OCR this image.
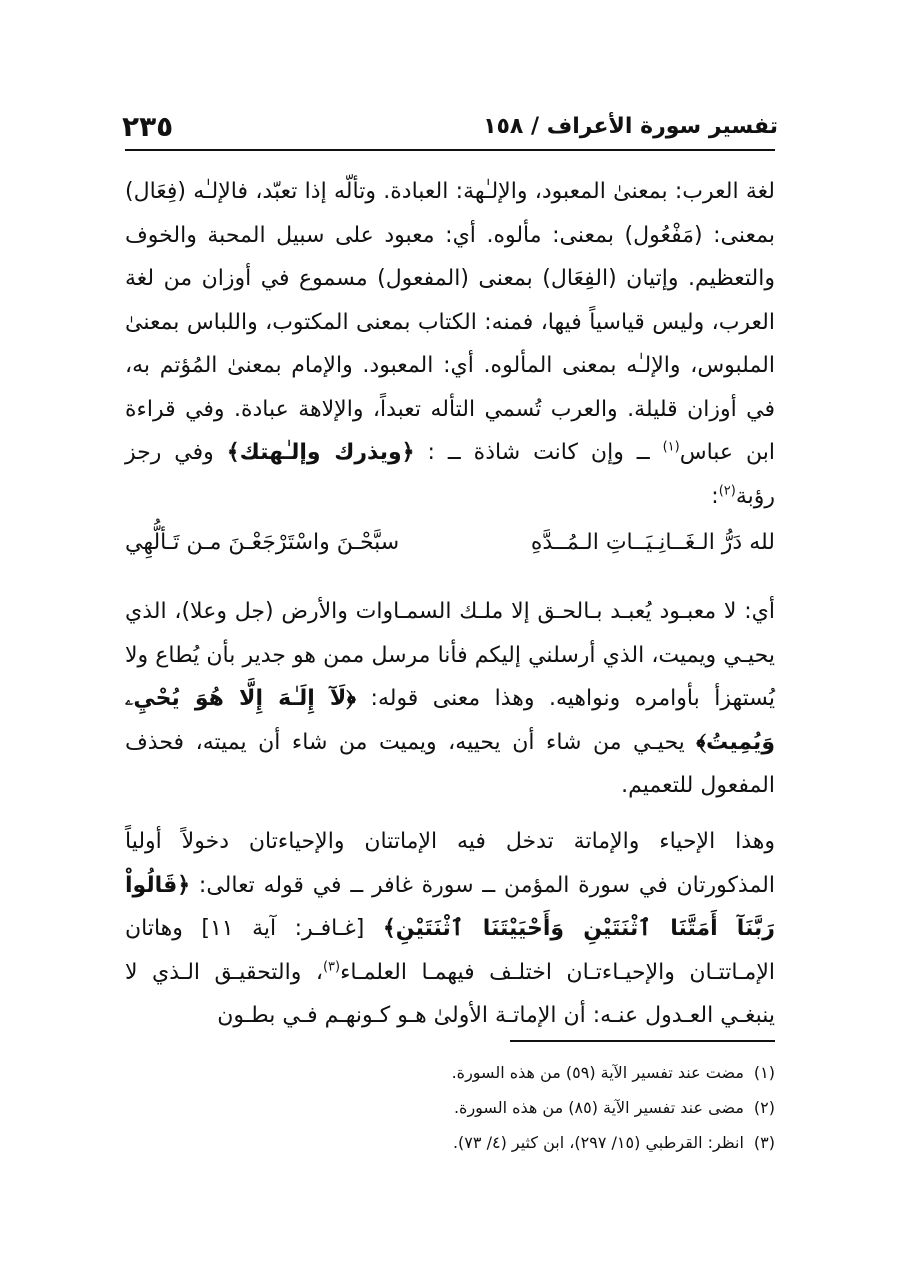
تفسير سورة الأعراف / ١٥٨
٢٣٥

لغة العرب: بمعنىٰ المعبود، والإلـٰهة: العبادة. وتألّه إذا تعبّد، فالإلـٰه (فِعَال) بمعنى: (مَفْعُول) بمعنى: مألوه. أي: معبود على سبيل المحبة والخوف والتعظيم. وإتيان (الفِعَال) بمعنى (المفعول) مسموع في أوزان من لغة العرب، وليس قياسياً فيها، فمنه: الكتاب بمعنى المكتوب، واللباس بمعنىٰ الملبوس، والإلـٰه بمعنى المألوه. أي: المعبود. والإمام بمعنىٰ المُؤتم به، في أوزان قليلة. والعرب تُسمي التأله تعبداً، والإلاهة عبادة. وفي قراءة ابن عباس$^{(١)}$ ــ وإن كانت شاذة ــ : ﴿ويذرك وإلـٰهتك﴾ وفي رجز رؤبة$^{(٢)}$:

لله دَرُّ الـغَــانِـيَــاتِ الـمُــدَّهِ
سبَّحْـنَ واسْتَرْجَعْـنَ مـن تَـألُّهِي

أي: لا معبـود يُعبـد بـالحـق إلا ملـك السمـاوات والأرض (جل وعلا)، الذي يحيـي ويميت، الذي أرسلني إليكم فأنا مرسل ممن هو جدير بأن يُطاع ولا يُستهزأ بأوامره ونواهيه. وهذا معنى قوله: ﴿لَآ إِلَـٰهَ إِلَّا هُوَ يُحْيِۦ وَيُمِيتُ﴾ يحيـي من شاء أن يحييه، ويميت من شاء أن يميته، فحذف المفعول للتعميم.

وهذا الإحياء والإماتة تدخل فيه الإماتتان والإحياءتان دخولاً أولياً المذكورتان في سورة المؤمن ــ سورة غافر ــ في قوله تعالى: ﴿قَالُواْ رَبَّنَآ أَمَتَّنَا ٱثْنَتَيْنِ وَأَحْيَيْتَنَا ٱثْنَتَيْنِ﴾ [غـافـر: آية ١١] وهاتان الإمـاتتـان والإحيـاءتـان اختلـف فيهمـا العلمـاء$^{(٣)}$، والتحقيـق الـذي لا ينبغـي العـدول عنـه: أن الإماتـة الأولىٰ هـو كـونهـم فـي بطـون

(١)مضت عند تفسير الآية (٥٩) من هذه السورة.
(٢)مضى عند تفسير الآية (٨٥) من هذه السورة.
(٣)انظر: القرطبي (١٥/ ٢٩٧)، ابن كثير (٤/ ٧٣).
